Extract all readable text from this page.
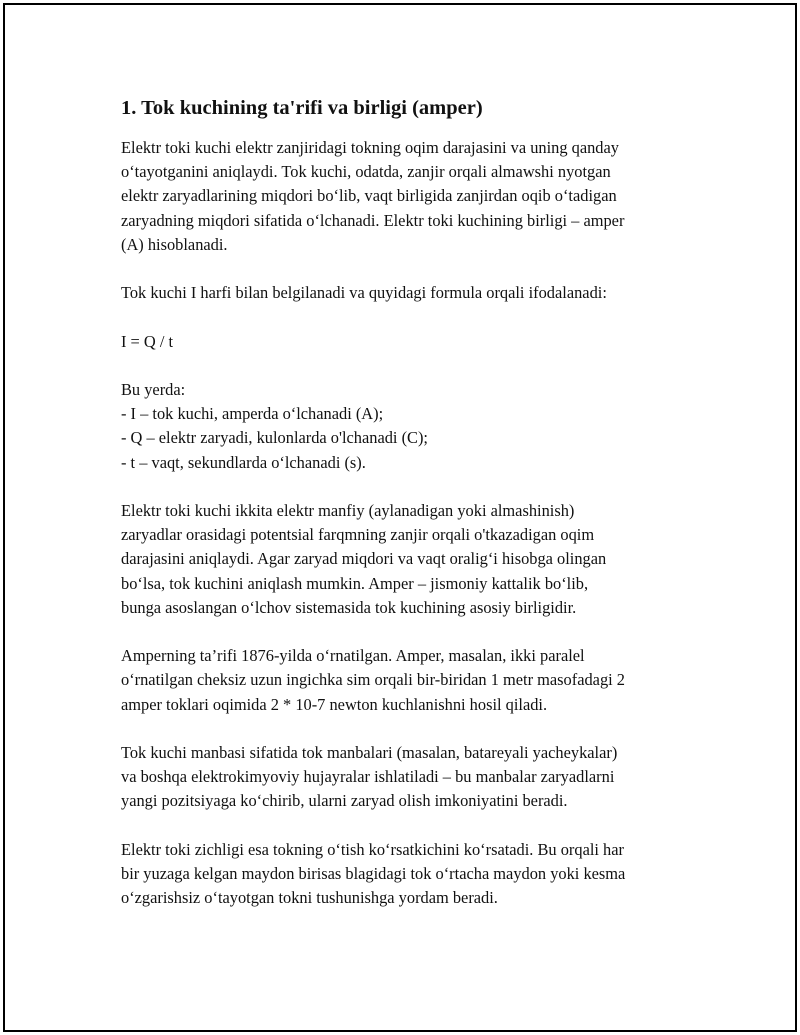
1. Tok kuchining ta'rifi va birligi (amper)
Elektr toki kuchi elektr zanjiridagi tokning oqim darajasini va uning qanday
o‘tayotganini aniqlaydi. Tok kuchi, odatda, zanjir orqali almawshi nyotgan
elektr zaryadlarining miqdori bo‘lib, vaqt birligida zanjirdan oqib o‘tadigan
zaryadning miqdori sifatida o‘lchanadi. Elektr toki kuchining birligi – amper
(A) hisoblanadi.
Tok kuchi I harfi bilan belgilanadi va quyidagi formula orqali ifodalanadi:
I = Q / t
Bu yerda:
- I – tok kuchi, amperda o‘lchanadi (A);
- Q – elektr zaryadi, kulonlarda o'lchanadi (C);
- t – vaqt, sekundlarda o‘lchanadi (s).
Elektr toki kuchi ikkita elektr manfiy (aylanadigan yoki almashinish)
zaryadlar orasidagi potentsial farqmning zanjir orqali o'tkazadigan oqim
darajasini aniqlaydi. Agar zaryad miqdori va vaqt oralig‘i hisobga olingan
bo‘lsa, tok kuchini aniqlash mumkin. Amper – jismoniy kattalik bo‘lib,
bunga asoslangan o‘lchov sistemasida tok kuchining asosiy birligidir.
Amperning ta’rifi 1876-yilda o‘rnatilgan. Amper, masalan, ikki paralel
o‘rnatilgan cheksiz uzun ingichka sim orqali bir-biridan 1 metr masofadagi 2
amper toklari oqimida 2 * 10-7 newton kuchlanishni hosil qiladi.
Tok kuchi manbasi sifatida tok manbalari (masalan, batareyali yacheykalar)
va boshqa elektrokimyoviy hujayralar ishlatiladi – bu manbalar zaryadlarni
yangi pozitsiyaga ko‘chirib, ularni zaryad olish imkoniyatini beradi.
Elektr toki zichligi esa tokning o‘tish ko‘rsatkichini ko‘rsatadi. Bu orqali har
bir yuzaga kelgan maydon birisas blagidagi tok o‘rtacha maydon yoki kesma
o‘zgarishsiz o‘tayotgan tokni tushunishga yordam beradi.
